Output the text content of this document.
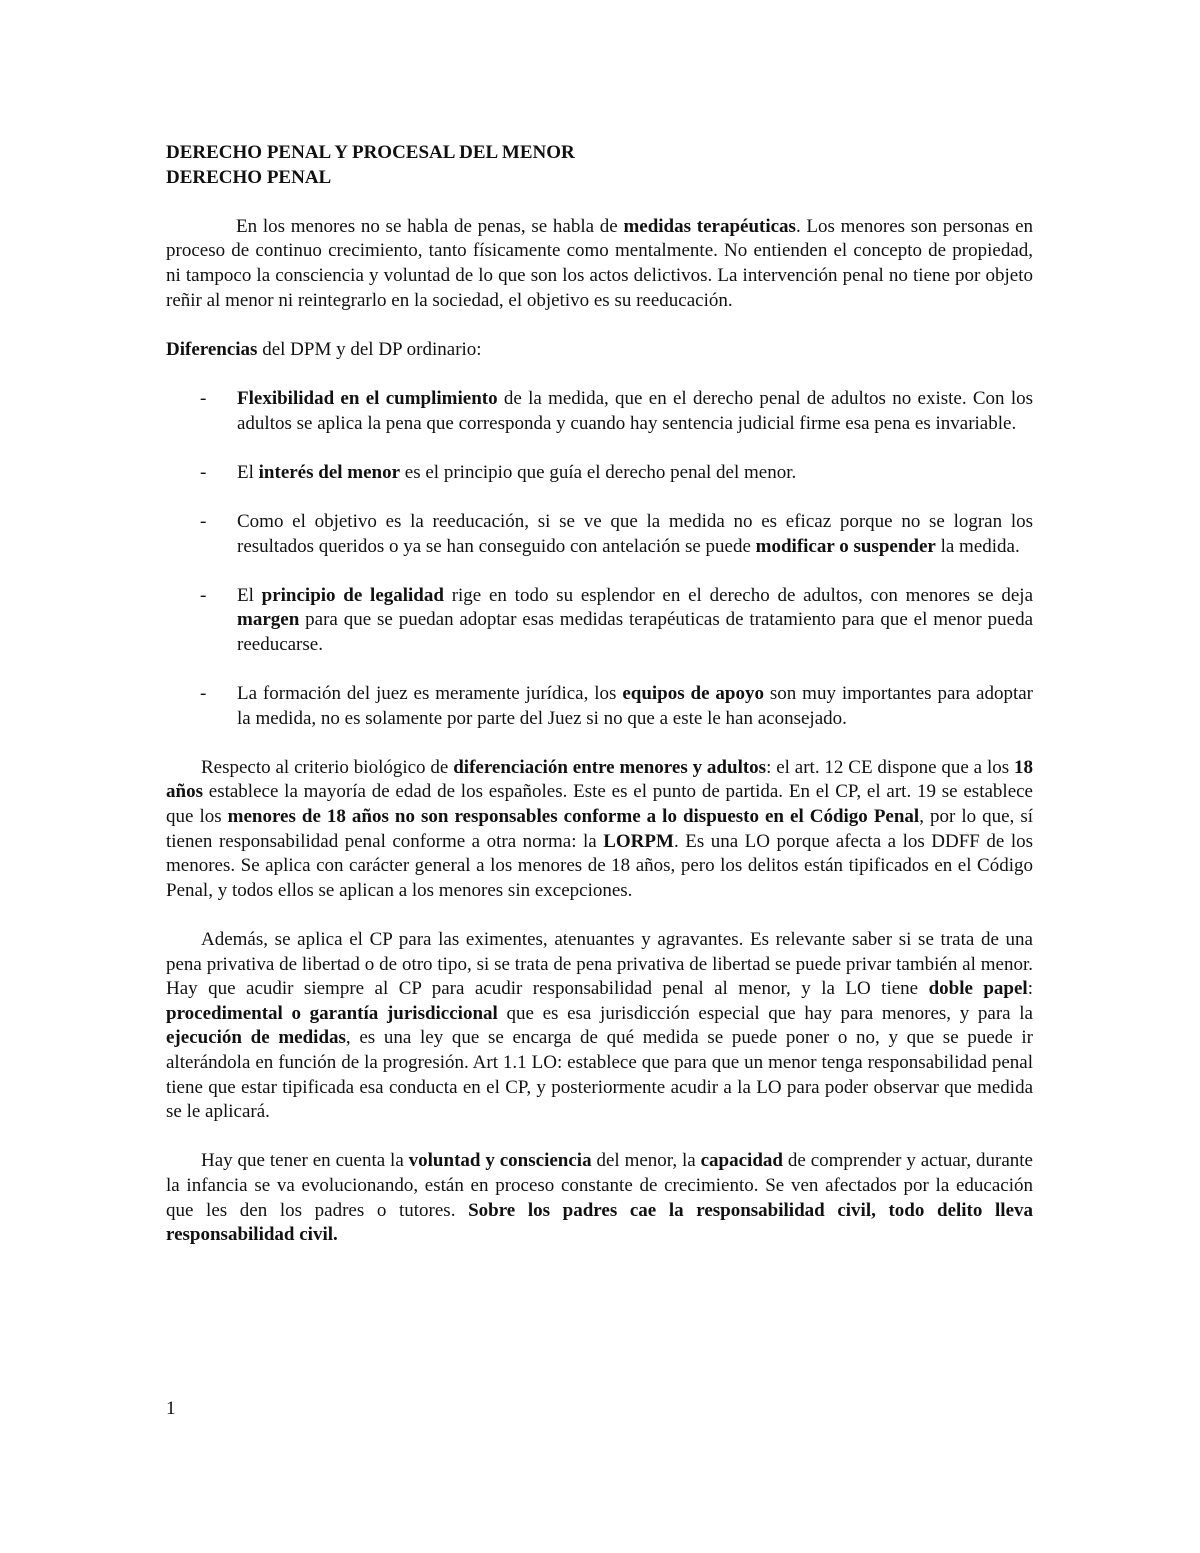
DERECHO PENAL Y PROCESAL DEL MENOR

DERECHO PENAL

En los menores no se habla de penas, se habla de medidas terapéuticas. Los menores son personas en proceso de continuo crecimiento, tanto físicamente como mentalmente. No entienden el concepto de propiedad, ni tampoco la consciencia y voluntad de lo que son los actos delictivos. La intervención penal no tiene por objeto reñir al menor ni reintegrarlo en la sociedad, el objetivo es su reeducación.

Diferencias del DPM y del DP ordinario:

- Flexibilidad en el cumplimiento de la medida, que en el derecho penal de adultos no existe. Con los adultos se aplica la pena que corresponda y cuando hay sentencia judicial firme esa pena es invariable.
- El interés del menor es el principio que guía el derecho penal del menor.
- Como el objetivo es la reeducación, si se ve que la medida no es eficaz porque no se logran los resultados queridos o ya se han conseguido con antelación se puede modificar o suspender la medida.
- El principio de legalidad rige en todo su esplendor en el derecho de adultos, con menores se deja margen para que se puedan adoptar esas medidas terapéuticas de tratamiento para que el menor pueda reeducarse.
- La formación del juez es meramente jurídica, los equipos de apoyo son muy importantes para adoptar la medida, no es solamente por parte del Juez si no que a este le han aconsejado.

Respecto al criterio biológico de diferenciación entre menores y adultos: el art. 12 CE dispone que a los 18 años establece la mayoría de edad de los españoles. Este es el punto de partida. En el CP, el art. 19 se establece que los menores de 18 años no son responsables conforme a lo dispuesto en el Código Penal, por lo que, sí tienen responsabilidad penal conforme a otra norma: la LORPM. Es una LO porque afecta a los DDFF de los menores. Se aplica con carácter general a los menores de 18 años, pero los delitos están tipificados en el Código Penal, y todos ellos se aplican a los menores sin excepciones.

Además, se aplica el CP para las eximentes, atenuantes y agravantes. Es relevante saber si se trata de una pena privativa de libertad o de otro tipo, si se trata de pena privativa de libertad se puede privar también al menor. Hay que acudir siempre al CP para acudir responsabilidad penal al menor, y la LO tiene doble papel: procedimental o garantía jurisdiccional que es esa jurisdicción especial que hay para menores, y para la ejecución de medidas, es una ley que se encarga de qué medida se puede poner o no, y que se puede ir alterándola en función de la progresión. Art 1.1 LO: establece que para que un menor tenga responsabilidad penal tiene que estar tipificada esa conducta en el CP, y posteriormente acudir a la LO para poder observar que medida se le aplicará.

Hay que tener en cuenta la voluntad y consciencia del menor, la capacidad de comprender y actuar, durante la infancia se va evolucionando, están en proceso constante de crecimiento. Se ven afectados por la educación que les den los padres o tutores. Sobre los padres cae la responsabilidad civil, todo delito lleva responsabilidad civil.

1
